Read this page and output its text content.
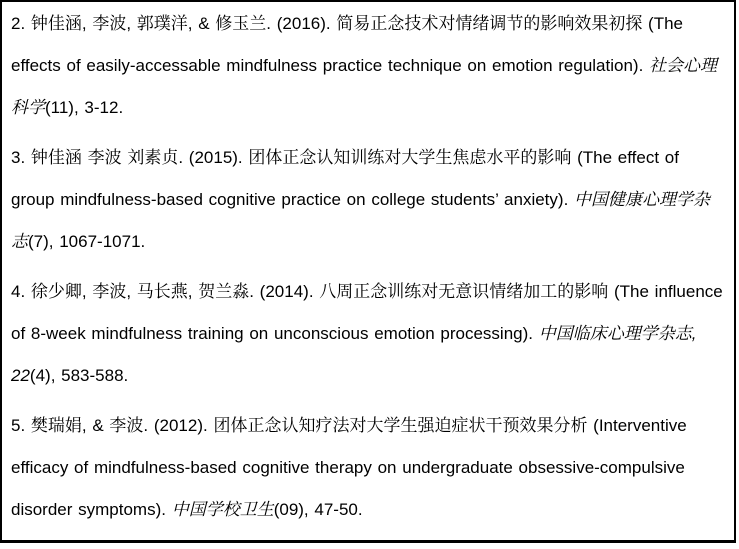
2. 钟佳涵, 李波, 郭璞洋, & 修玉兰. (2016). 简易正念技术对情绪调节的影响效果初探 (The effects of easily-accessable mindfulness practice technique on emotion regulation). 社会心理科学(11), 3-12.

3. 钟佳涵 李波 刘素贞. (2015). 团体正念认知训练对大学生焦虑水平的影响 (The effect of group mindfulness-based cognitive practice on college students’ anxiety). 中国健康心理学杂志(7), 1067-1071.

4. 徐少卿, 李波, 马长燕, 贺兰淼. (2014). 八周正念训练对无意识情绪加工的影响 (The influence of 8-week mindfulness training on unconscious emotion processing). 中国临床心理学杂志, 22(4), 583-588.

5. 樊瑞娟, & 李波. (2012). 团体正念认知疗法对大学生强迫症状干预效果分析 (Interventive efficacy of mindfulness-based cognitive therapy on undergraduate obsessive-compulsive disorder symptoms). 中国学校卫生(09), 47-50.
